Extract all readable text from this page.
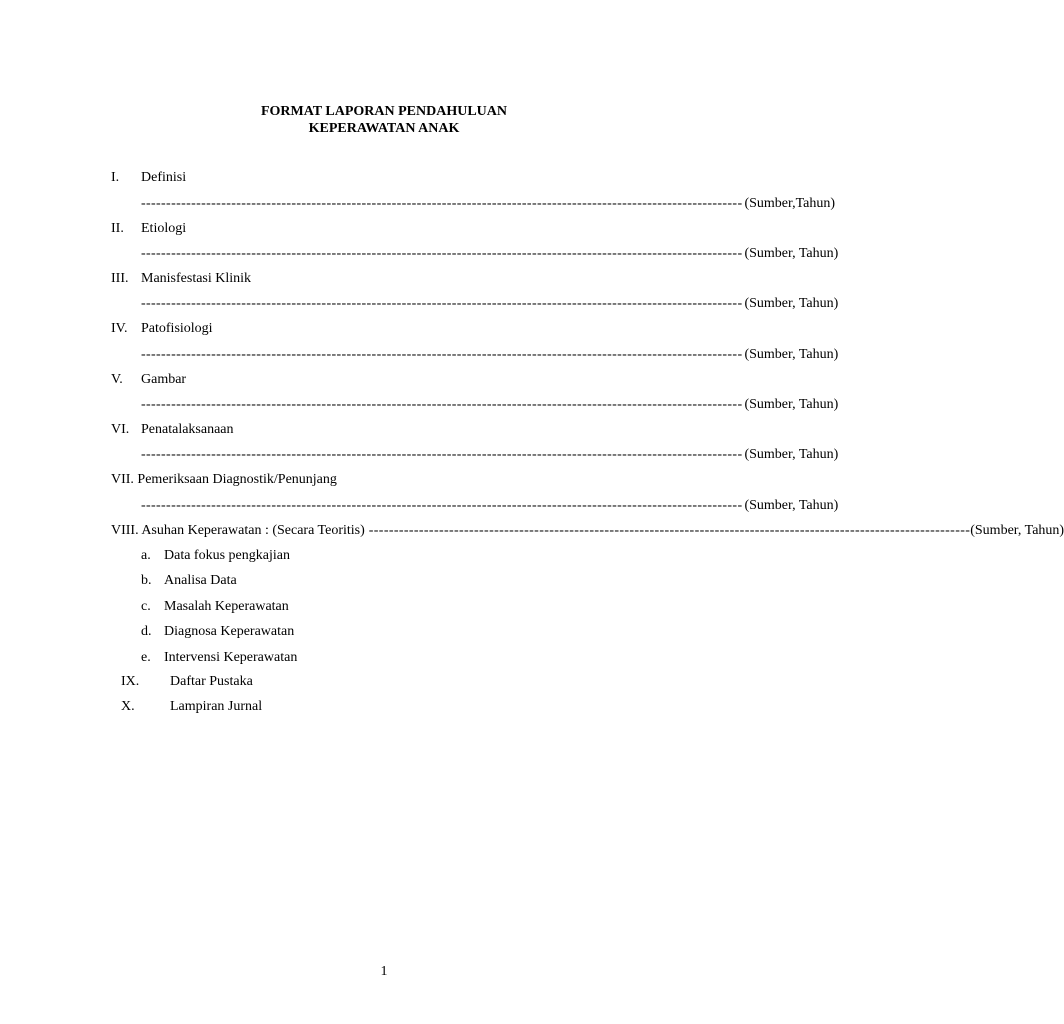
FORMAT LAPORAN PENDAHULUAN
KEPERAWATAN ANAK
I. Definisi
------------------------------------------------------------------------------------------------------------------------ (Sumber,Tahun)
II. Etiologi
------------------------------------------------------------------------------------------------------------------------ (Sumber, Tahun)
III. Manisfestasi Klinik
------------------------------------------------------------------------------------------------------------------------ (Sumber, Tahun)
IV. Patofisiologi
------------------------------------------------------------------------------------------------------------------------ (Sumber, Tahun)
V. Gambar
------------------------------------------------------------------------------------------------------------------------ (Sumber, Tahun)
VI. Penatalaksanaan
------------------------------------------------------------------------------------------------------------------------ (Sumber, Tahun)
VII. Pemeriksaan Diagnostik/Penunjang
------------------------------------------------------------------------------------------------------------------------ (Sumber, Tahun)
VIII. Asuhan Keperawatan : (Secara Teoritis) ------------------------------------------------------------------------------------------------------------------------ (Sumber, Tahun)
a. Data fokus pengkajian
b. Analisa Data
c. Masalah Keperawatan
d. Diagnosa Keperawatan
e. Intervensi Keperawatan
IX. Daftar Pustaka
X.	Lampiran Jurnal
1
